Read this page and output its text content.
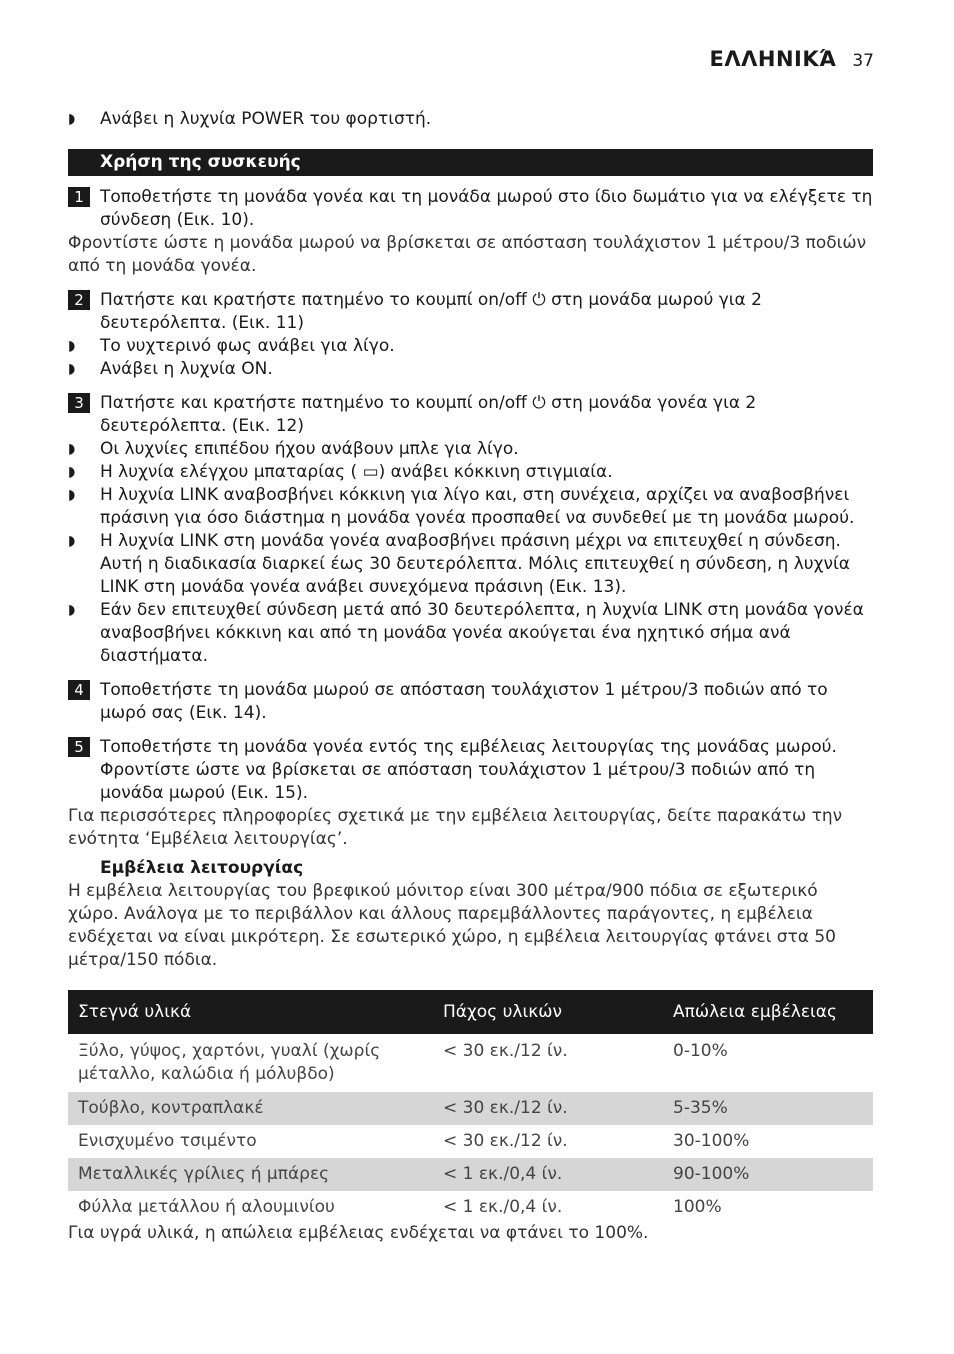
ΕΛΛΗΝΙΚΆ 37
◗ Ανάβει η λυχνία POWER του φορτιστή.
Χρήση της συσκευής
1 Τοποθετήστε τη μονάδα γονέα και τη μονάδα μωρού στο ίδιο δωμάτιο για να ελέγξετε τη σύνδεση (Εικ. 10).
Φροντίστε ώστε η μονάδα μωρού να βρίσκεται σε απόσταση τουλάχιστον 1 μέτρου/3 ποδιών από τη μονάδα γονέα.
2 Πατήστε και κρατήστε πατημένο το κουμπί on/off ⏻ στη μονάδα μωρού για 2 δευτερόλεπτα. (Εικ. 11)
◗ Το νυχτερινό φως ανάβει για λίγο.
◗ Ανάβει η λυχνία ON.
3 Πατήστε και κρατήστε πατημένο το κουμπί on/off ⏻ στη μονάδα γονέα για 2 δευτερόλεπτα. (Εικ. 12)
◗ Οι λυχνίες επιπέδου ήχου ανάβουν μπλε για λίγο.
◗ Η λυχνία ελέγχου μπαταρίας ( ▭) ανάβει κόκκινη στιγμιαία.
◗ Η λυχνία LINK αναβοσβήνει κόκκινη για λίγο και, στη συνέχεια, αρχίζει να αναβοσβήνει πράσινη για όσο διάστημα η μονάδα γονέα προσπαθεί να συνδεθεί με τη μονάδα μωρού.
◗ Η λυχνία LINK στη μονάδα γονέα αναβοσβήνει πράσινη μέχρι να επιτευχθεί η σύνδεση. Αυτή η διαδικασία διαρκεί έως 30 δευτερόλεπτα. Μόλις επιτευχθεί η σύνδεση, η λυχνία LINK στη μονάδα γονέα ανάβει συνεχόμενα πράσινη (Εικ. 13).
◗ Εάν δεν επιτευχθεί σύνδεση μετά από 30 δευτερόλεπτα, η λυχνία LINK στη μονάδα γονέα αναβοσβήνει κόκκινη και από τη μονάδα γονέα ακούγεται ένα ηχητικό σήμα ανά διαστήματα.
4 Τοποθετήστε τη μονάδα μωρού σε απόσταση τουλάχιστον 1 μέτρου/3 ποδιών από το μωρό σας (Εικ. 14).
5 Τοποθετήστε τη μονάδα γονέα εντός της εμβέλειας λειτουργίας της μονάδας μωρού. Φροντίστε ώστε να βρίσκεται σε απόσταση τουλάχιστον 1 μέτρου/3 ποδιών από τη μονάδα μωρού (Εικ. 15).
Για περισσότερες πληροφορίες σχετικά με την εμβέλεια λειτουργίας, δείτε παρακάτω την ενότητα ‘Εμβέλεια λειτουργίας’.
Εμβέλεια λειτουργίας
Η εμβέλεια λειτουργίας του βρεφικού μόνιτορ είναι 300 μέτρα/900 πόδια σε εξωτερικό χώρο. Ανάλογα με το περιβάλλον και άλλους παρεμβάλλοντες παράγοντες, η εμβέλεια ενδέχεται να είναι μικρότερη. Σε εσωτερικό χώρο, η εμβέλεια λειτουργίας φτάνει στα 50 μέτρα/150 πόδια.
Στεγνά υλικά	Πάχος υλικών	Απώλεια εμβέλειας
Ξύλο, γύψος, χαρτόνι, γυαλί (χωρίς μέταλλο, καλώδια ή μόλυβδο)	< 30 εκ./12 ίν.	0-10%
Τούβλο, κοντραπλακέ	< 30 εκ./12 ίν.	5-35%
Ενισχυμένο τσιμέντο	< 30 εκ./12 ίν.	30-100%
Μεταλλικές γρίλιες ή μπάρες	< 1 εκ./0,4 ίν.	90-100%
Φύλλα μετάλλου ή αλουμινίου	< 1 εκ./0,4 ίν.	100%
Για υγρά υλικά, η απώλεια εμβέλειας ενδέχεται να φτάνει το 100%.
